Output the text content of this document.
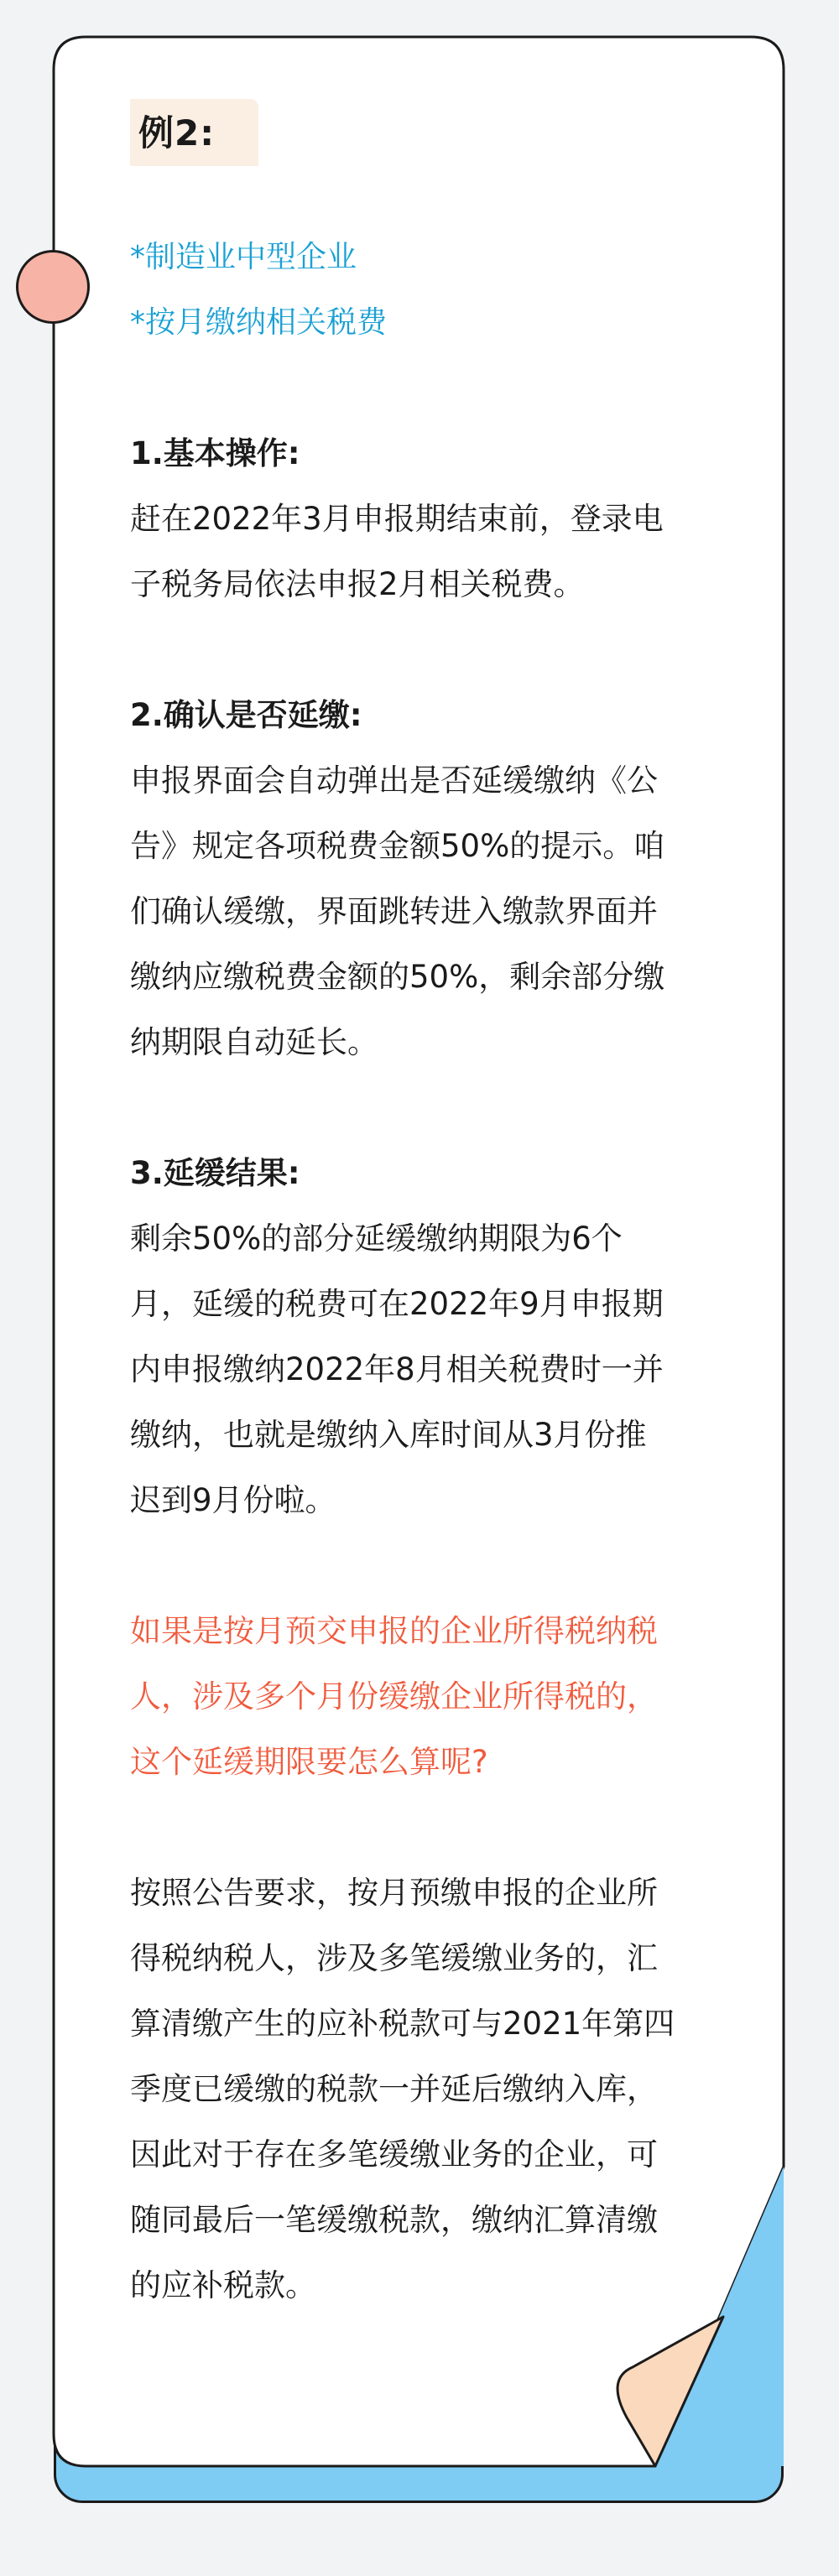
例2:

*制造业中型企业

*按月缴纳相关税费

1.基本操作:

赶在2022年3月申报期结束前，登录电

子税务局依法申报2月相关税费。

2.确认是否延缴:

申报界面会自动弹出是否延缓缴纳《公

告》规定各项税费金额50%的提示。咱

们确认缓缴，界面跳转进入缴款界面并

缴纳应缴税费金额的50%，剩余部分缴

纳期限自动延长。

3.延缓结果:

剩余50%的部分延缓缴纳期限为6个

月，延缓的税费可在2022年9月申报期

内申报缴纳2022年8月相关税费时一并

缴纳，也就是缴纳入库时间从3月份推

迟到9月份啦。

如果是按月预交申报的企业所得税纳税

人，涉及多个月份缓缴企业所得税的，

这个延缓期限要怎么算呢?

按照公告要求，按月预缴申报的企业所

得税纳税人，涉及多笔缓缴业务的，汇

算清缴产生的应补税款可与2021年第四

季度已缓缴的税款一并延后缴纳入库，

因此对于存在多笔缓缴业务的企业，可

随同最后一笔缓缴税款，缴纳汇算清缴

的应补税款。
